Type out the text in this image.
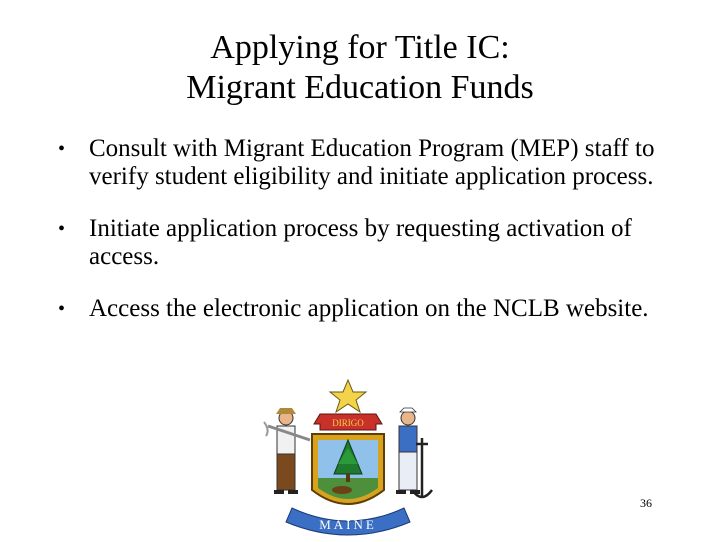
Applying for Title IC:
Migrant Education Funds
• Consult with Migrant Education Program (MEP) staff to verify student eligibility and initiate application process.
• Initiate application process by requesting activation of access.
• Access the electronic application on the NCLB website.
DIRIGO
MAINE
36
